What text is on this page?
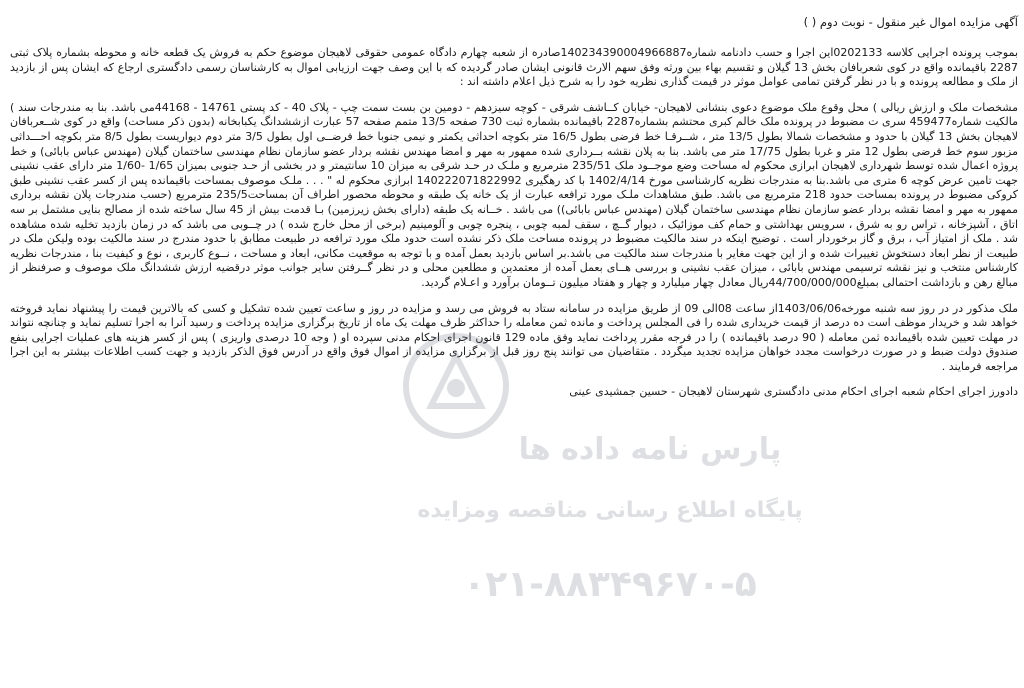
آگهی مزایده اموال غیر منقول - نوبت دوم ( )
بموجب پرونده اجرایی کلاسه 0202133این اجرا و حسب دادنامه شماره140234390004966887صادره از شعبه چهارم دادگاه عمومی حقوقی لاهیجان موضوع حکم به فروش یک قطعه خانه و محوطه بشماره پلاک ثبتی 2287 باقیمانده واقع در کوی شعربافان بخش 13 گیلان و تقسیم بهاء بین ورثه وفق سهم الارث قانونی ایشان صادر گردیده که با این وصف جهت ارزیابی اموال به کارشناسان رسمی دادگستری ارجاع که ایشان پس از بازدید از ملک و مطالعه پرونده و با در نظر گرفتن تمامی عوامل موثر در قیمت گذاری نظریه خود را به شرح ذیل اعلام داشته اند :
مشخصات ملک و ارزش ریالی ) محل وقوع ملک موضوع دعوی بنشانی لاهیجان- خیابان کــاشف شرقی - کوچه سیزدهم - دومین بن بست سمت چپ - پلاک 40 - کد پستی 14761 - 44168می باشد. بنا به مندرجات سند ) مالکیت شماره459477 سری ت مضبوط در پرونده ملک خالم کبری محتشم بشماره2287 باقیمانده بشماره ثبت 730 صفحه 13/5 متمم صفحه 57 عبارت ازششدانگ یکبابخانه (بدون ذکر مساحت) واقع در کوی شــعربافان لاهیجان بخش 13 گیلان با حدود و مشخصات شمالا بطول 13/5 متر ، شــرقـا خط فرضی بطول 16/5 متر بکوچه احداثی یکمتر و نیمی جنوبا خط فرضــی اول بطول 3/5 متر دوم دیواریست بطول 8/5 متر بکوچه احـــداثی مزبور سوم خط فرضی بطول 12 متر و غربا بطول 17/75 متر می باشد. بنا به پلان نقشه بــرداری شده ممهور به مهر و امضا مهندس نقشه بردار عضو سازمان نظام مهندسی ساختمان گیلان (مهندس عباس بابائی) و خط پروژه اعمال شده توسط شهرداری لاهیجان ابرازی محکوم له مساحت وضع موجــود ملک 235/51 مترمربع و ملـک در حـد شرقی به میزان 10 سانتیمتر و در بخشی از حـد جنوبی بمیزان 1/65 -1/60 متر دارای عقب نشینی جهت تامین عرض کوچه 6 متری می باشد.بنا به مندرجات نظریه کارشناسی مورخ 1402/4/14 با کد رهگیری 140222071822992 ابرازی محکوم له " . . . ملـک موصوف بمساحت باقیمانده پس از کسر عقب نشینی طبق کروکی مضبوط در پرونده بمساحت حدود 218 مترمربع می باشد. طبق مشاهدات ملـک مورد ترافعه عبارت از یک خانه یک طبقه و محوطه محصور اطراف آن بمساحت235/5 مترمربع (حسب مندرجات پلان نقشه برداری ممهور به مهر و امضا نقشه بردار عضو سازمان نظام مهندسی ساختمان گیلان (مهندس عباس بابائی)) می باشد . خــانه یک طبقه (دارای بخش زیرزمین) بـا قدمت بیش از 45 سال ساخته شده از مصالح بنایی مشتمل بر سه اتاق ، آشپزخانه ، تراس رو به شرق ، سرویس بهداشتی و حمام کف موزائیک ، دیوار گــچ ، سقف لمبه چوبی ، پنجره چوبی و آلومینیم (برخی از محل خارج شده ) در چــوبی می باشد که در زمان بازدید تخلیه شده مشاهده شد . ملک از امتیاز آب ، برق و گاز برخوردار است . توضیح اینکه در سند مالکیت مضبوط در پرونده مساحت ملک ذکر نشده است حدود ملک مورد ترافعه در طبیعت مطابق با حدود مندرج در سند مالکیت بوده ولیکن ملک در طبیعت از نظر ابعاد دستخوش تغییرات شده و از این جهت مغایر با مندرجات سند مالکیت می باشد.بر اساس بازدید بعمل آمده و با توجه به موقعیت مکانی، ابعاد و مساحت ، نــوع کاربری ، نوع و کیفیت بنا ، مندرجات نظریه کارشناس منتخب و نیز نقشه ترسیمی مهندس بابائی ، میزان عقب نشینی و بررسی هــای بعمل آمده از معتمدین و مطلعین محلی و در نظر گــرفتن سایر جوانب موثر درقضیه ارزش ششدانگ ملک موصوف و صرفنظر از مبالغ رهن و بازداشت احتمالی بمبلغ44/700/000/000ریال معادل چهار میلیارد و چهار و هفتاد میلیون تــومان برآورد و اعـلام گردید.
ملک مذکور در در روز سه شنبه مورخه1403/06/06از ساعت 08الی 09 از طریق مزایده در سامانه ستاد به فروش می رسد و مزایده در روز و ساعت تعیین شده تشکیل و کسی که بالاترین قیمت را پیشنهاد نماید فروخته خواهد شد و خریدار موظف است ده درصد از قیمت خریداری شده را فی المجلس پرداخت و مانده ثمن معامله را حداکثر ظرف مهلت یک ماه از تاریخ برگزاری مزایده پرداخت و رسید آنرا به اجرا تسلیم نماید و چنانچه نتواند در مهلت تعیین شده باقیمانده ثمن معامله ( 90 درصد باقیمانده ) را در فرجه مقرر پرداخت نماید وفق ماده 129 قانون اجرای احکام مدنی سپرده او ( وجه 10 درصدی واریزی ) پس از کسر هزینه های عملیات اجرایی بنفع صندوق دولت ضبط و در صورت درخواست مجدد خواهان مزایده تجدید میگردد . متقاضیان می توانند پنج روز قبل از برگزاری مزایده از اموال فوق واقع در آدرس فوق الذکر بازدید و جهت کسب اطلاعات بیشتر به این اجرا مراجعه فرمایند .
دادورز اجرای احکام شعبه اجرای احکام مدنی دادگستری شهرستان لاهیجان - حسین جمشیدی عینی
پارس نامه داده ها
پایگاه اطلاع رسانی مناقصه ومزایده
۰۲۱-۸۸۳۴۹۶۷۰-۵
